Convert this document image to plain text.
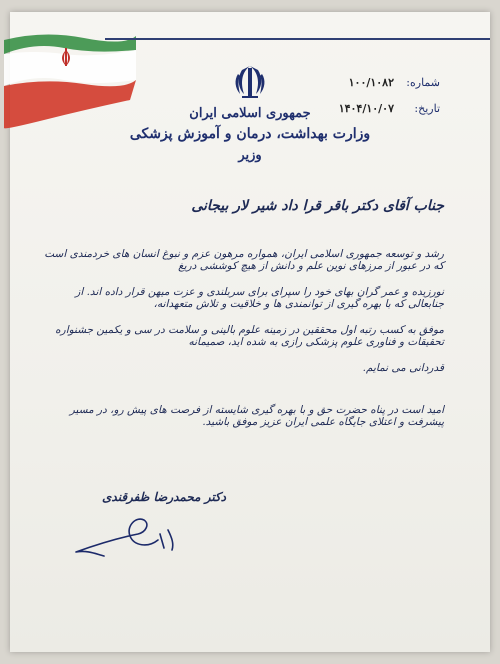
جمهوری اسلامی ایران
وزارت بهداشت، درمان و آموزش پزشکی
وزیر
شماره:۱۰۰/۱۰۸۲
تاریخ:۱۴۰۴/۱۰/۰۷
جناب آقای دکتر باقر قرا داد شیر لار بیجانی
رشد و توسعه جمهوری اسلامی ایران، همواره مرهون عزم و نبوغ انسان های خردمندی است که در عبور از مرزهای نوین علم و دانش از هیچ کوششی دریغ
نورزیده و عمر گران بهای خود را سپرای برای سربلندی و عزت میهن قرار داده اند. از جنابعالی که با بهره گیری از توانمندی ها و خلاقیت و تلاش متعهدانه،
موفق به کسب رتبه اول محققین در زمینه علوم بالینی و سلامت در سی و یکمین جشنواره تحقیقات و فناوری علوم پزشکی رازی به شده اید، صمیمانه
قدردانی می نمایم.
امید است در پناه حضرت حق و با بهره گیری شایسته از فرصت های پیش رو، در مسیر پیشرفت و اعتلای جایگاه علمی ایران عزیز موفق باشید.
دکتر محمدرضا ظفرقندی
